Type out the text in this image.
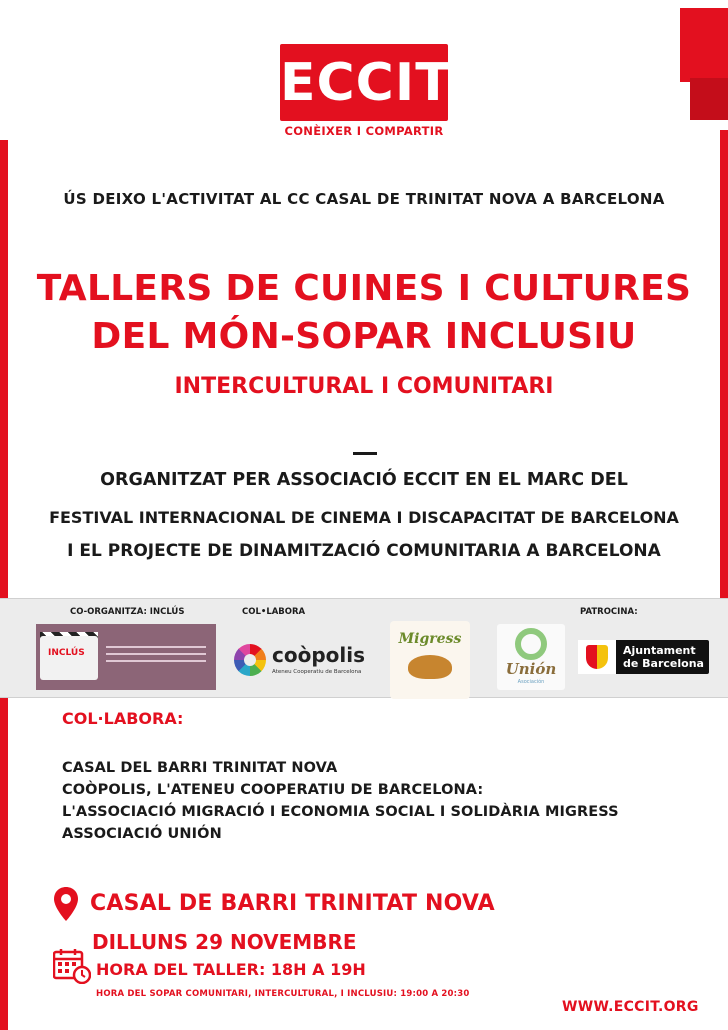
ECCIT
CONÈIXER I COMPARTIR
ÚS DEIXO L'ACTIVITAT AL CC CASAL DE TRINITAT NOVA A BARCELONA
TALLERS DE CUINES I CULTURES
DEL MÓN-SOPAR INCLUSIU
INTERCULTURAL I COMUNITARI
ORGANITZAT PER ASSOCIACIÓ ECCIT EN EL MARC DEL
FESTIVAL INTERNACIONAL DE CINEMA I DISCAPACITAT DE BARCELONA
I EL PROJECTE DE DINAMITZACIÓ COMUNITARIA A BARCELONA
CO-ORGANITZA: INCLÚS	COL•LABORA	PATROCINA:
INCLÚS	coòpolis
Ateneu Cooperatiu de Barcelona
Migress
Unión
Asociación
Ajuntament
de Barcelona
COL·LABORA:
CASAL DEL BARRI TRINITAT NOVA
COÒPOLIS, L'ATENEU COOPERATIU DE BARCELONA:
L'ASSOCIACIÓ MIGRACIÓ I ECONOMIA SOCIAL I SOLIDÀRIA MIGRESS
ASSOCIACIÓ UNIÓN
CASAL DE BARRI TRINITAT NOVA
DILLUNS 29 NOVEMBRE
HORA DEL TALLER: 18H A 19H
HORA DEL SOPAR COMUNITARI, INTERCULTURAL, I INCLUSIU: 19:00 A 20:30
WWW.ECCIT.ORG
